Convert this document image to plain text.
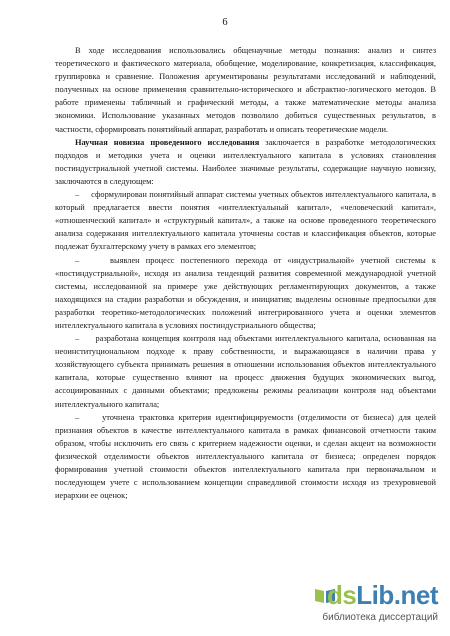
6

В ходе исследования использовались общенаучные методы познания: анализ и синтез теоретического и фактического материала, обобщение, моделирование, конкретизация, классификация, группировка и сравнение. Положения аргументированы результатами исследований и наблюдений, полученных на основе применения сравнительно-исторического и абстрактно-логического методов. В работе применены табличный и графический методы, а также математические методы анализа экономики. Использование указанных методов позволило добиться существенных результатов, в частности, сформировать понятийный аппарат, разработать и описать теоретические модели.

Научная новизна проведенного исследования заключается в разработке методологических подходов и методики учета и оценки интеллектуального капитала в условиях становления постиндустриальной учетной системы. Наиболее значимые результаты, содержащие научную новизну, заключаются в следующем:

–     сформулирован понятийный аппарат системы учетных объектов интеллектуального капитала, в который предлагается ввести понятия «интеллектуальный капитал», «человеческий капитал», «отношенческий капитал» и «структурный капитал», а также на основе проведенного теоретического анализа содержания интеллектуального капитала уточнены состав и классификация объектов, которые подлежат бухгалтерскому учету в рамках его элементов;

–     выявлен процесс постепенного перехода от «индустриальной» учетной системы к «постиндустриальной», исходя из анализа тенденций развития современной международной учетной системы, исследованной на примере уже действующих регламентирующих документов, а также находящихся на стадии разработки и обсуждения, и инициатив; выделены основные предпосылки для разработки теоретико-методологических положений интегрированного учета и оценки элементов интеллектуального капитала в условиях постиндустриального общества;

–     разработана концепция контроля над объектами интеллектуального капитала, основанная на неоинституциональном подходе к праву собственности, и выражающаяся в наличии права у хозяйствующего субъекта принимать решения в отношении использования объектов интеллектуального капитала, которые существенно влияют на процесс движения будущих экономических выгод, ассоциированных с данными объектами; предложены режимы реализации контроля над объектами интеллектуального капитала;

–     уточнена трактовка критерия идентифицируемости (отделимости от бизнеса) для целей признания объектов в качестве интеллектуального капитала в рамках финансовой отчетности таким образом, чтобы исключить его связь с критерием надежности оценки, и сделан акцент на возможности физической отделимости объектов интеллектуального капитала от бизнеса; определен порядок формирования учетной стоимости объектов интеллектуального капитала при первоначальном и последующем учете с использованием концепции справедливой стоимости исходя из трехуровневой иерархии ее оценок;

dsLib.net
библиотека диссертаций
